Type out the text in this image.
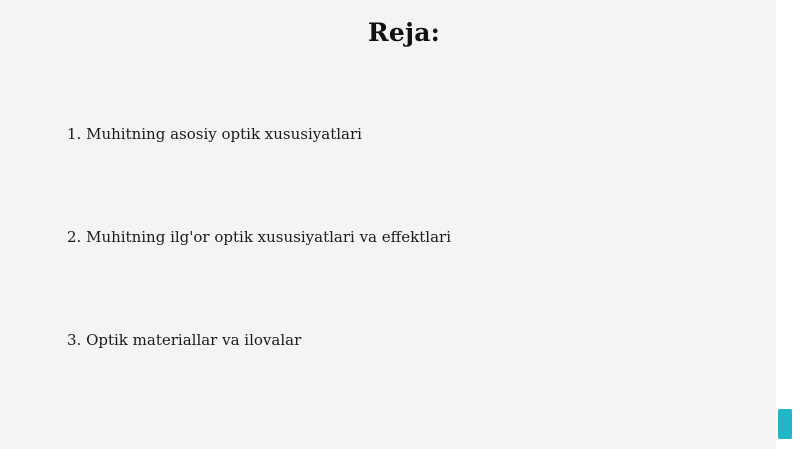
Reja:
1. Muhitning asosiy optik xususiyatlari
2. Muhitning ilg'or optik xususiyatlari va effektlari
3. Optik materiallar va ilovalar
